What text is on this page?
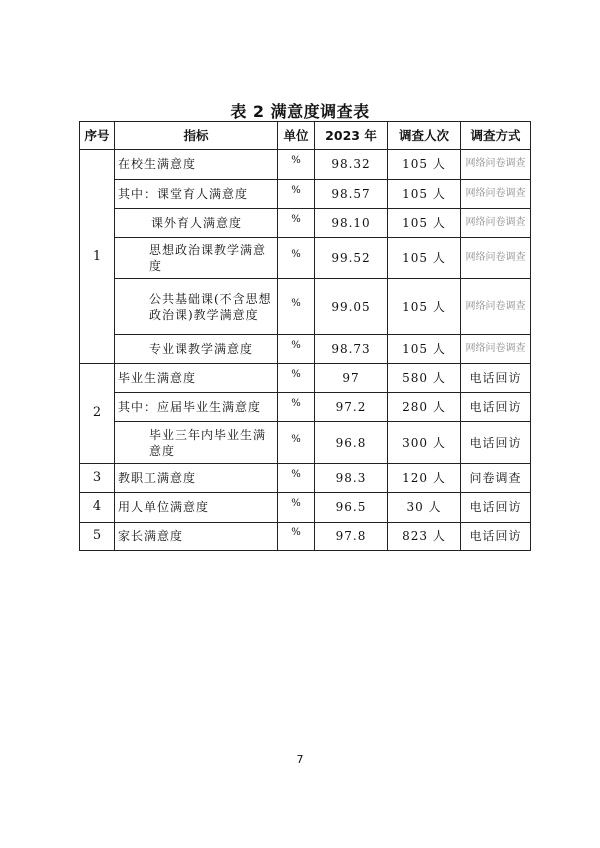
表 2 满意度调查表
序号	指标	单位	2023 年	调查人次	调查方式
1	在校生满意度	%	98.32	105 人	网络问卷调查
	其中：课堂育人满意度	%	98.57	105 人	网络问卷调查
	课外育人满意度	%	98.10	105 人	网络问卷调查
	思想政治课教学满意度	%	99.52	105 人	网络问卷调查
	公共基础课(不含思想政治课)教学满意度	%	99.05	105 人	网络问卷调查
	专业课教学满意度	%	98.73	105 人	网络问卷调查
2	毕业生满意度	%	97	580 人	电话回访
	其中：应届毕业生满意度	%	97.2	280 人	电话回访
	毕业三年内毕业生满意度	%	96.8	300 人	电话回访
3	教职工满意度	%	98.3	120 人	问卷调查
4	用人单位满意度	%	96.5	30 人	电话回访
5	家长满意度	%	97.8	823 人	电话回访
7
